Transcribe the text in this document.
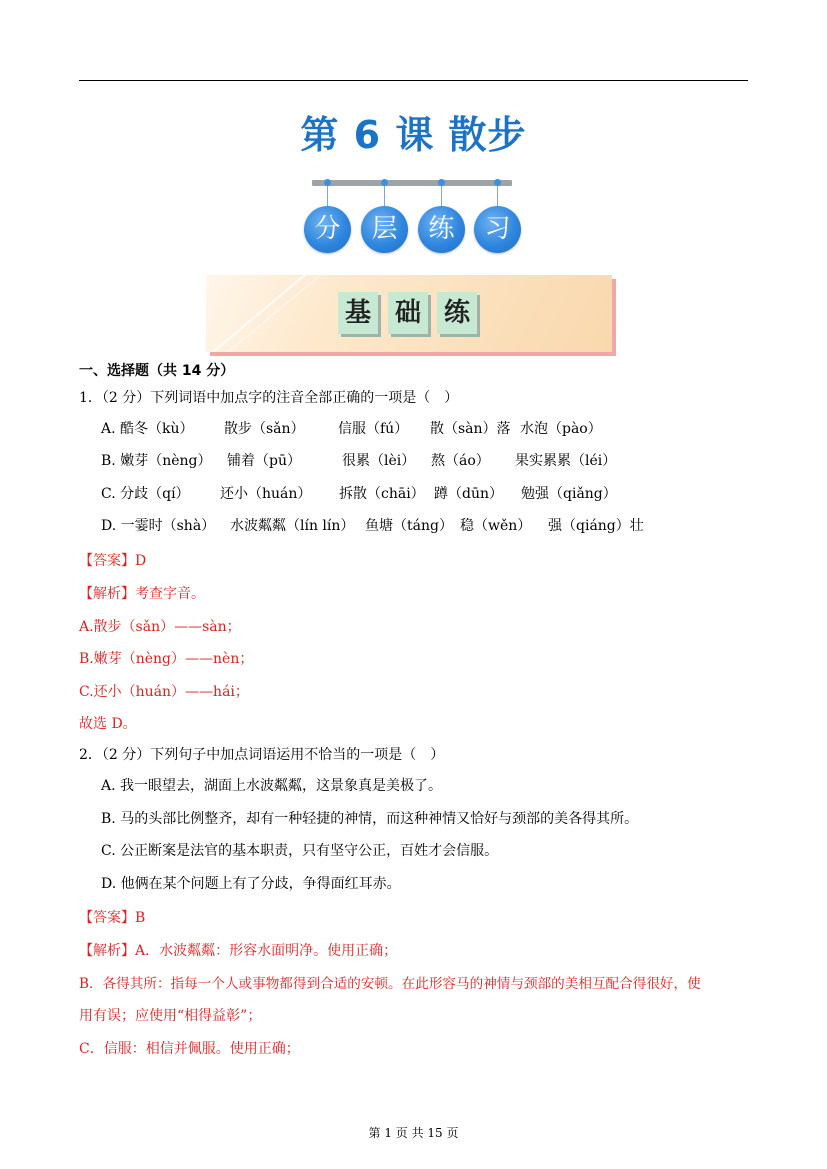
第 6 课 散步
分	层	练	习
基 础 练
一、选择题（共 14 分）
1．（2 分）下列词语中加点字的注音全部正确的一项是（　）
A. 酷冬（kù） 散步（sǎn） 信服（fú） 散（sàn）落 水泡（pào）
B. 嫩芽（nèng） 铺着（pū）	很累（lèi） 熬（áo） 果实累累（léi）
C. 分歧（qí） 还小（huán） 拆散（chāi） 蹲（dūn） 勉强（qiǎng）
D. 一霎时（shà） 水波粼粼（lín lín） 鱼塘（táng） 稳（wěn） 强（qiáng）壮
【答案】D
【解析】考查字音。
A.散步（sǎn）——sàn；
B.嫩芽（nèng）——nèn；
C.还小（huán）——hái；
故选 D。
2．（2 分）下列句子中加点词语运用不恰当的一项是（　）
A. 我一眼望去，湖面上水波粼粼，这景象真是美极了。
B. 马的头部比例整齐，却有一种轻捷的神情，而这种神情又恰好与颈部的美各得其所。
C. 公正断案是法官的基本职责，只有坚守公正，百姓才会信服。
D. 他俩在某个问题上有了分歧，争得面红耳赤。
【答案】B
【解析】A．水波粼粼：形容水面明净。使用正确；
B．各得其所：指每一个人或事物都得到合适的安顿。在此形容马的神情与颈部的美相互配合得很好，使
用有误；应使用“相得益彰”；
C．信服：相信并佩服。使用正确；
第 1 页 共 15 页
